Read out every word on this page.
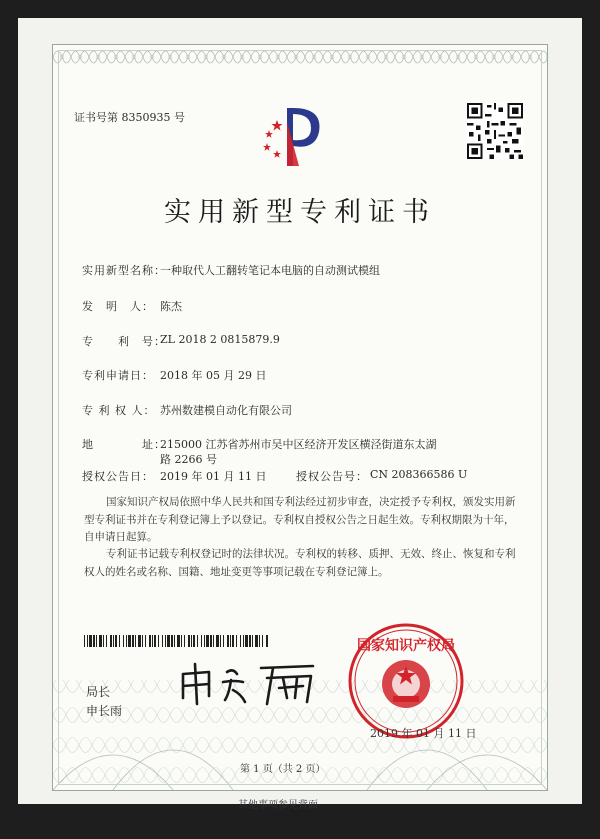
证书号第 8350935 号
实用新型专利证书
实用新型名称：
一种取代人工翻转笔记本电脑的自动测试模组
发　明　人： 陈杰
专　　利　号：
ZL 2018 2 0815879.9
专利申请日： 2018 年 05 月 29 日
专 利 权 人： 苏州数建模自动化有限公司
地　　　　址：
215000 江苏省苏州市吴中区经济开发区横泾街道东太湖
路 2266 号
授权公告日： 2019 年 01 月 11 日	授权公告号： CN 208366586 U
国家知识产权局依照中华人民共和国专利法经过初步审查，决定授予专利权，颁发实用新型专利证书并在专利登记簿上予以登记。专利权自授权公告之日起生效。专利权期限为十年，自申请日起算。
专利证书记载专利权登记时的法律状况。专利权的转移、质押、无效、终止、恢复和专利权人的姓名或名称、国籍、地址变更等事项记载在专利登记簿上。
局长
申长雨
国家知识产权局
2019 年 01 月 11 日
第 1 页（共 2 页）
其他事项参见背面
